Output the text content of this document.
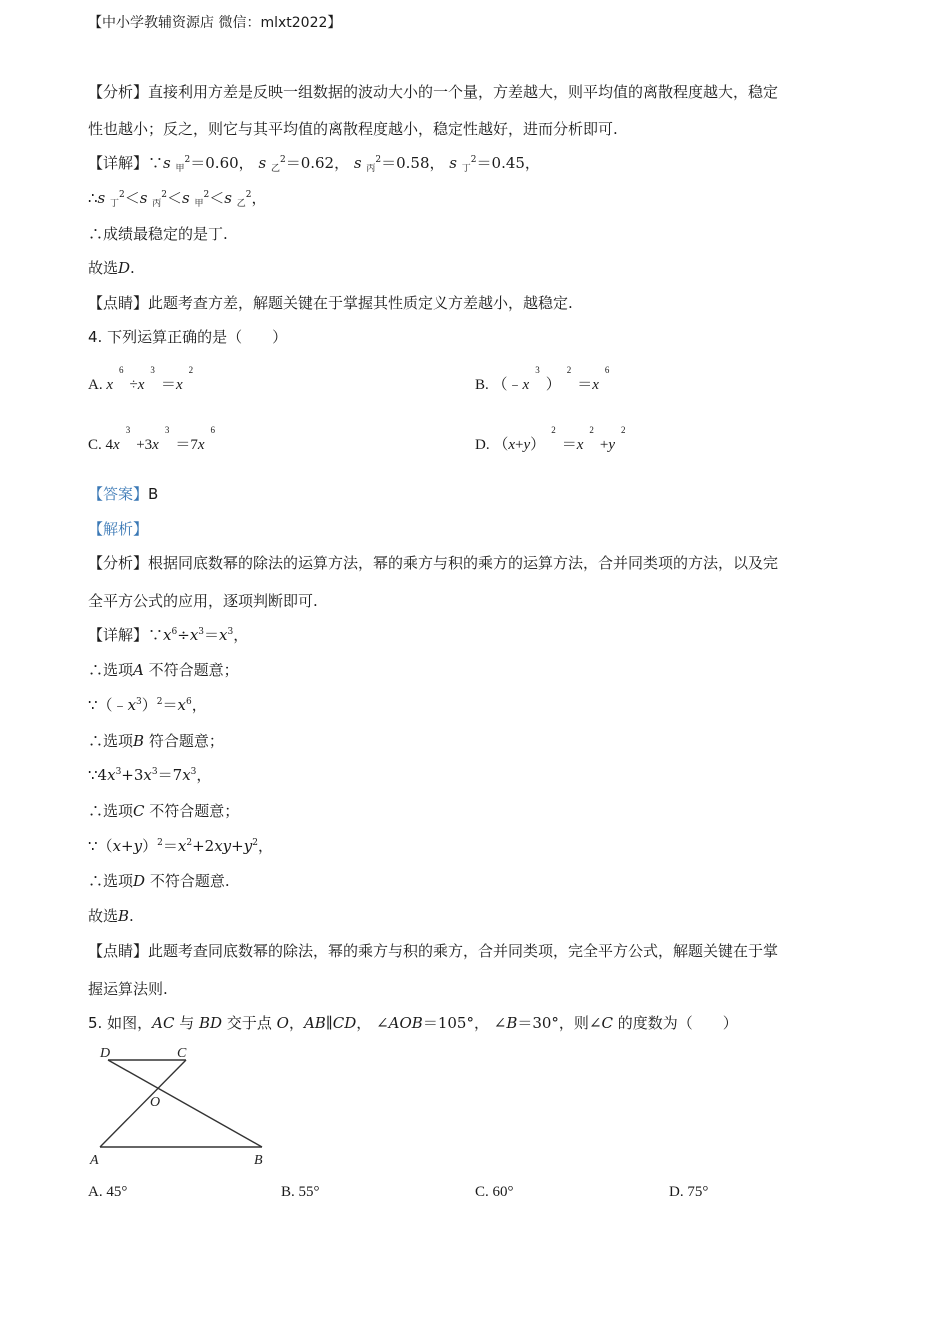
【中小学教辅资源店 微信：mlxt2022】
【分析】直接利用方差是反映一组数据的波动大小的一个量，方差越大，则平均值的离散程度越大，稳定
性也越小；反之，则它与其平均值的离散程度越小，稳定性越好，进而分析即可.
【详解】∵s $_甲^2$＝0.60， s $_乙^2$＝0.62， s $_丙^2$＝0.58， s $_丁^2$＝0.45，
∴s $_丁^2$＜s $_丙^2$＜s $_甲^2$＜s $_乙^2$，
∴成绩最稳定的是丁.
故选D.
【点睛】此题考查方差，解题关键在于掌握其性质定义方差越小，越稳定.
4. 下列运算正确的是（　　）
A. $x^6\div x^3=x^2$
B. $(﹣x^3)^2=x^6$
C. $4x^3+3x^3=7x^6$
D. $(x+y)^2=x^2+y^2$
【答案】B
【解析】
【分析】根据同底数幂的除法的运算方法，幂的乘方与积的乘方的运算方法，合并同类项的方法，以及完
全平方公式的应用，逐项判断即可.
【详解】$\because x^6\div x^3=x^3$，
∴选项A 不符合题意；
$\because(﹣x^3)^2=x^6$，
∴选项B 符合题意；
$\because 4x^3+3x^3=7x^3$，
∴选项C 不符合题意；
$\because(x+y)^2=x^2+2xy+y^2$，
∴选项D 不符合题意.
故选B.
【点睛】此题考查同底数幂的除法，幂的乘方与积的乘方，合并同类项，完全平方公式，解题关键在于掌
握运算法则.
5. 如图，AC 与 BD 交于点 O，AB∥CD， ∠AOB＝105°， ∠B＝30°，则∠C 的度数为（　　）
D	C
O
A	B
A. 45°	B. 55°	C. 60°	D. 75°
